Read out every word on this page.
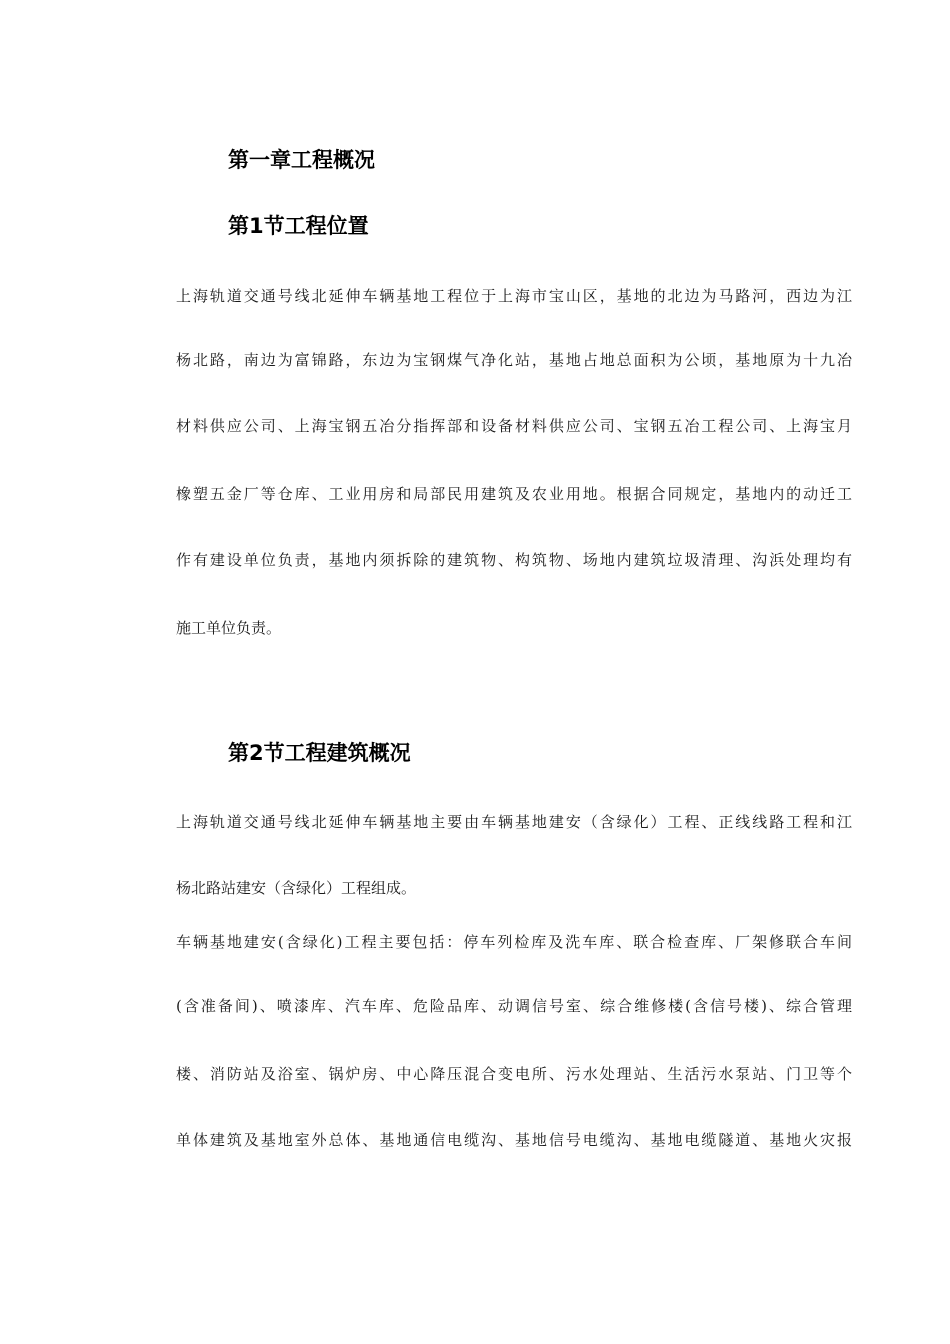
第一章工程概况
第1节工程位置
上海轨道交通号线北延伸车辆基地工程位于上海市宝山区，基地的北边为马路河，西边为江
杨北路，南边为富锦路，东边为宝钢煤气净化站，基地占地总面积为公顷，基地原为十九冶
材料供应公司、上海宝钢五冶分指挥部和设备材料供应公司、宝钢五冶工程公司、上海宝月
橡塑五金厂等仓库、工业用房和局部民用建筑及农业用地。根据合同规定，基地内的动迁工
作有建设单位负责，基地内须拆除的建筑物、构筑物、场地内建筑垃圾清理、沟浜处理均有
施工单位负责。
第2节工程建筑概况
上海轨道交通号线北延伸车辆基地主要由车辆基地建安（含绿化）工程、正线线路工程和江
杨北路站建安（含绿化）工程组成。
车辆基地建安(含绿化)工程主要包括：停车列检库及洗车库、联合检查库、厂架修联合车间
(含准备间)、喷漆库、汽车库、危险品库、动调信号室、综合维修楼(含信号楼)、综合管理
楼、消防站及浴室、锅炉房、中心降压混合变电所、污水处理站、生活污水泵站、门卫等个
单体建筑及基地室外总体、基地通信电缆沟、基地信号电缆沟、基地电缆隧道、基地火灾报
